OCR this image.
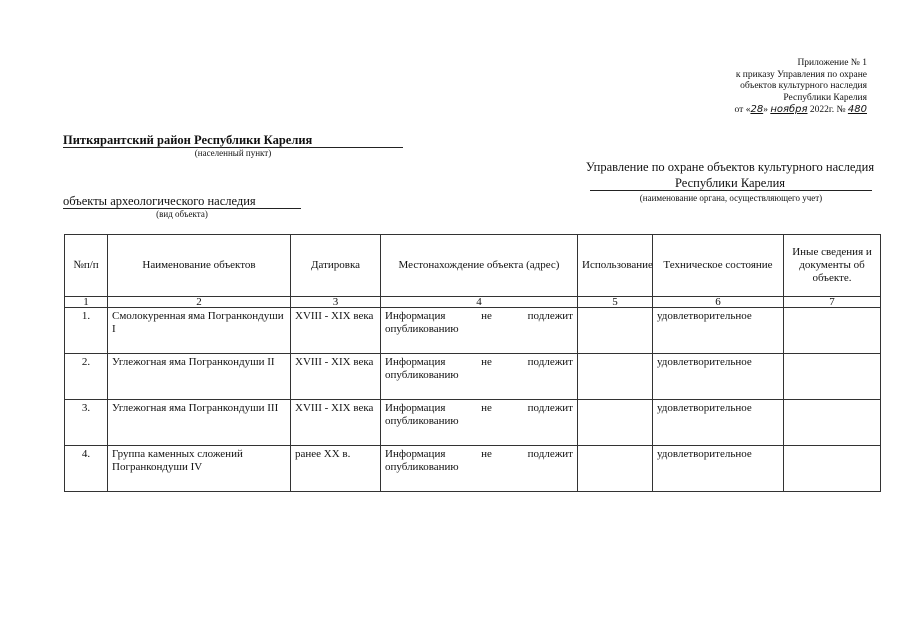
Приложение № 1
к приказу Управления по охране
объектов культурного наследия
Республики Карелия
от «28» ноября 2022г. № 480
Питкярантский район Республики Карелия
(населенный пункт)
Управление по охране объектов культурного наследия Республики Карелия
(наименование органа, осуществляющего учет)
объекты археологического наследия
(вид объекта)
№п/п	Наименование объектов	Датировка	Местонахождение объекта (адрес)	Использование	Техническое состояние	Иные сведения и документы об объекте.
1	2	3	4	5	6	7
1.	Смолокуренная яма Погранкондуши I	XVIII - XIX века	Информация не подлежит опубликованию		удовлетворительное	
2.	Углежогная яма Погранкондуши II	XVIII - XIX века	Информация не подлежит опубликованию		удовлетворительное	
3.	Углежогная яма Погранкондуши III	XVIII - XIX века	Информация не подлежит опубликованию		удовлетворительное	
4.	Группа каменных сложений Погранкондуши IV	ранее XX в.	Информация не подлежит опубликованию		удовлетворительное	
